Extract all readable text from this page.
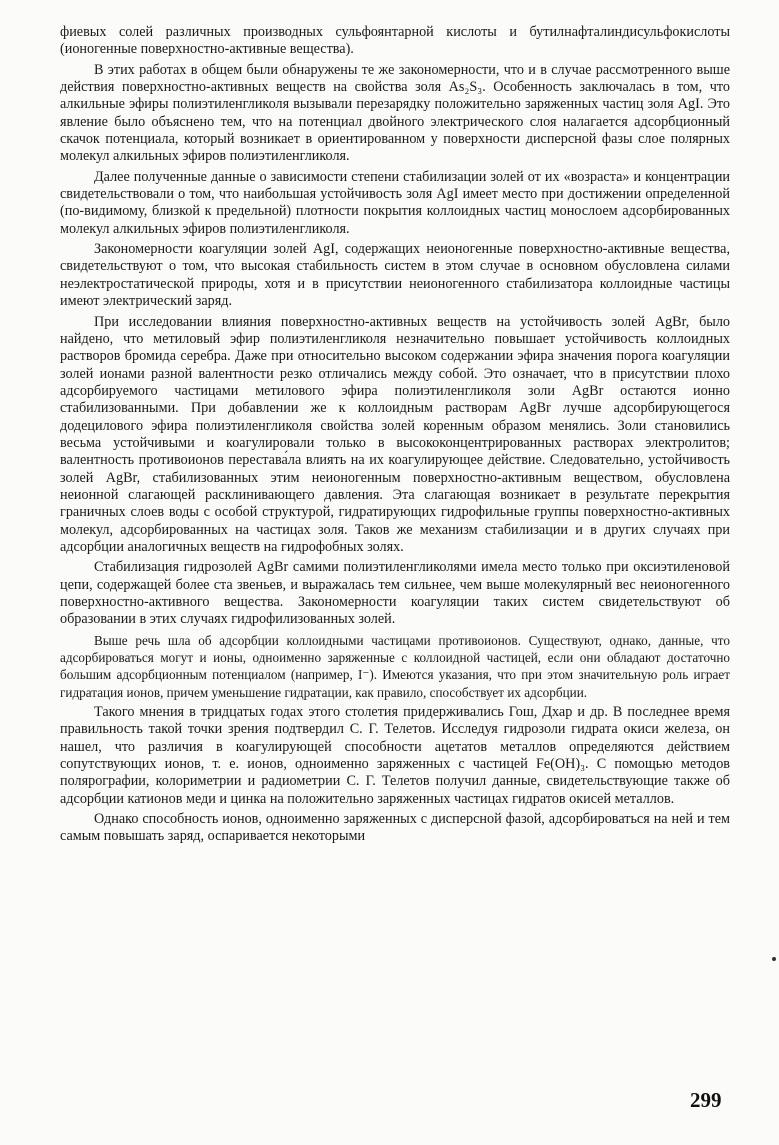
фиевых солей различных производных сульфоянтарной кислоты и бутилнафталиндисульфокислоты (ионогенные поверхностно-активные вещества).

В этих работах в общем были обнаружены те же закономерности, что и в случае рассмотренного выше действия поверхностно-активных веществ на свойства золя As₂S₃. Особенность заключалась в том, что алкильные эфиры полиэтиленгликоля вызывали перезарядку положительно заряженных частиц золя AgI. Это явление было объяснено тем, что на потенциал двойного электрического слоя налагается адсорбционный скачок потенциала, который возникает в ориентированном у поверхности дисперсной фазы слое полярных молекул алкильных эфиров полиэтиленгликоля.

Далее полученные данные о зависимости степени стабилизации золей от их «возраста» и концентрации свидетельствовали о том, что наибольшая устойчивость золя AgI имеет место при достижении определенной (по-видимому, близкой к предельной) плотности покрытия коллоидных частиц монослоем адсорбированных молекул алкильных эфиров полиэтиленгликоля.

Закономерности коагуляции золей AgI, содержащих неионогенные поверхностно-активные вещества, свидетельствуют о том, что высокая стабильность систем в этом случае в основном обусловлена силами неэлектростатической природы, хотя и в присутствии неионогенного стабилизатора коллоидные частицы имеют электрический заряд.

При исследовании влияния поверхностно-активных веществ на устойчивость золей AgBr, было найдено, что метиловый эфир полиэтиленгликоля незначительно повышает устойчивость коллоидных растворов бромида серебра. Даже при относительно высоком содержании эфира значения порога коагуляции золей ионами разной валентности резко отличались между собой. Это означает, что в присутствии плохо адсорбируемого частицами метилового эфира полиэтиленгликоля золи AgBr остаются ионно стабилизованными. При добавлении же к коллоидным растворам AgBr лучше адсорбирующегося додецилового эфира полиэтиленгликоля свойства золей коренным образом менялись. Золи становились весьма устойчивыми и коагулировали только в высококонцентрированных растворах электролитов; валентность противоионов перестава́ла влиять на их коагулирующее действие. Следовательно, устойчивость золей AgBr, стабилизованных этим неионогенным поверхностно-активным веществом, обусловлена неионной слагающей расклинивающего давления. Эта слагающая возникает в результате перекрытия граничных слоев воды с особой структурой, гидратирующих гидрофильные группы поверхностно-активных молекул, адсорбированных на частицах золя. Таков же механизм стабилизации и в других случаях при адсорбции аналогичных веществ на гидрофобных золях.

Стабилизация гидрозолей AgBr самими полиэтиленгликолями имела место только при оксиэтиленовой цепи, содержащей более ста звеньев, и выражалась тем сильнее, чем выше молекулярный вес неионогенного поверхностно-активного вещества. Закономерности коагуляции таких систем свидетельствуют об образовании в этих случаях гидрофилизованных золей.

Выше речь шла об адсорбции коллоидными частицами противоионов. Существуют, однако, данные, что адсорбироваться могут и ионы, одноименно заряженные с коллоидной частицей, если они обладают достаточно большим адсорбционным потенциалом (например, I⁻). Имеются указания, что при этом значительную роль играет гидратация ионов, причем уменьшение гидратации, как правило, способствует их адсорбции.

Такого мнения в тридцатых годах этого столетия придерживались Гош, Дхар и др. В последнее время правильность такой точки зрения подтвердил С. Г. Телетов. Исследуя гидрозоли гидрата окиси железа, он нашел, что различия в коагулирующей способности ацетатов металлов определяются действием сопутствующих ионов, т. е. ионов, одноименно заряженных с частицей Fe(OH)₃. С помощью методов полярографии, колориметрии и радиометрии С. Г. Телетов получил данные, свидетельствующие также об адсорбции катионов меди и цинка на положительно заряженных частицах гидратов окисей металлов.

Однако способность ионов, одноименно заряженных с дисперсной фазой, адсорбироваться на ней и тем самым повышать заряд, оспаривается некоторыми

299
